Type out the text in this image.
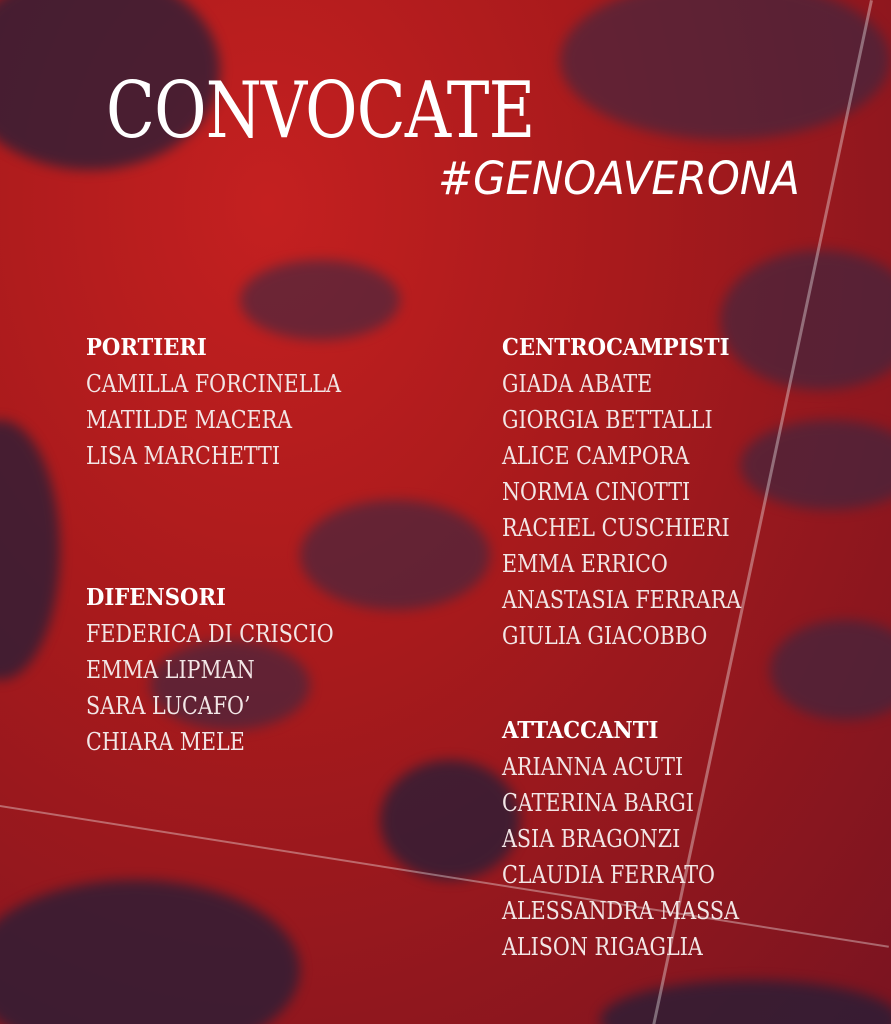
CONVOCATE
#GENOAVERONA
PORTIERI
CAMILLA FORCINELLA
MATILDE MACERA
LISA MARCHETTI
DIFENSORI
FEDERICA DI CRISCIO
EMMA LIPMAN
SARA LUCAFO’
CHIARA MELE
CENTROCAMPISTI
GIADA ABATE
GIORGIA BETTALLI
ALICE CAMPORA
NORMA CINOTTI
RACHEL CUSCHIERI
EMMA ERRICO
ANASTASIA FERRARA
GIULIA GIACOBBO
ATTACCANTI
ARIANNA ACUTI
CATERINA BARGI
ASIA BRAGONZI
CLAUDIA FERRATO
ALESSANDRA MASSA
ALISON RIGAGLIA
